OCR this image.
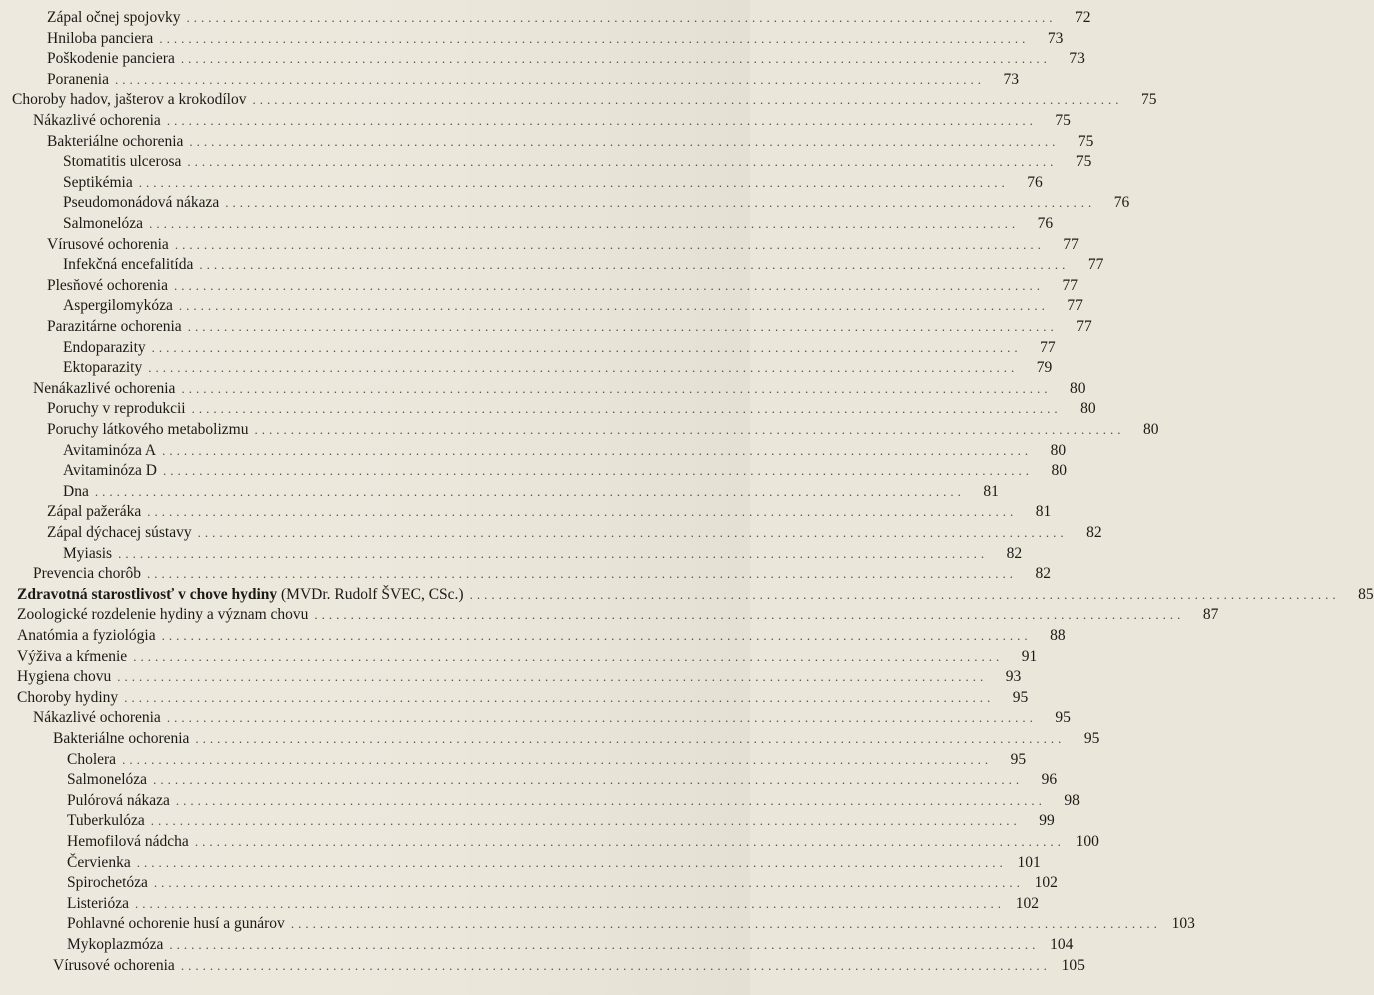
Zápal očnej spojovky ........................................................................................................................	72
Hniloba panciera ........................................................................................................................	73
Poškodenie panciera ........................................................................................................................	73
Poranenia ........................................................................................................................	73
Choroby hadov, jašterov a krokodílov ........................................................................................................................	75
Nákazlivé ochorenia ........................................................................................................................	75
Bakteriálne ochorenia ........................................................................................................................	75
Stomatitis ulcerosa ........................................................................................................................	75
Septikémia ........................................................................................................................	76
Pseudomonádová nákaza ........................................................................................................................	76
Salmonelóza ........................................................................................................................	76
Vírusové ochorenia ........................................................................................................................	77
Infekčná encefalitída ........................................................................................................................	77
Plesňové ochorenia ........................................................................................................................	77
Aspergilomykóza ........................................................................................................................	77
Parazitárne ochorenia ........................................................................................................................	77
Endoparazity ........................................................................................................................	77
Ektoparazity ........................................................................................................................	79
Nenákazlivé ochorenia ........................................................................................................................	80
Poruchy v reprodukcii ........................................................................................................................	80
Poruchy látkového metabolizmu ........................................................................................................................	80
Avitaminóza A ........................................................................................................................	80
Avitaminóza D ........................................................................................................................	80
Dna ........................................................................................................................	81
Zápal pažeráka ........................................................................................................................	81
Zápal dýchacej sústavy ........................................................................................................................	82
Myiasis ........................................................................................................................	82
Prevencia chorôb ........................................................................................................................	82
Zdravotná starostlivosť v chove hydiny (MVDr. Rudolf ŠVEC, CSc.) ........................................................................................................................	85
Zoologické rozdelenie hydiny a význam chovu ........................................................................................................................	87
Anatómia a fyziológia ........................................................................................................................	88
Výživa a kŕmenie ........................................................................................................................	91
Hygiena chovu ........................................................................................................................	93
Choroby hydiny ........................................................................................................................	95
Nákazlivé ochorenia ........................................................................................................................	95
Bakteriálne ochorenia ........................................................................................................................	95
Cholera ........................................................................................................................	95
Salmonelóza ........................................................................................................................	96
Pulórová nákaza ........................................................................................................................	98
Tuberkulóza ........................................................................................................................	99
Hemofilová nádcha ........................................................................................................................ 100
Červienka ........................................................................................................................ 101
Spirochetóza ........................................................................................................................ 102
Listerióza ........................................................................................................................ 102
Pohlavné ochorenie husí a gunárov ........................................................................................................................ 103
Mykoplazmóza ........................................................................................................................ 104
Vírusové ochorenia ........................................................................................................................ 105
